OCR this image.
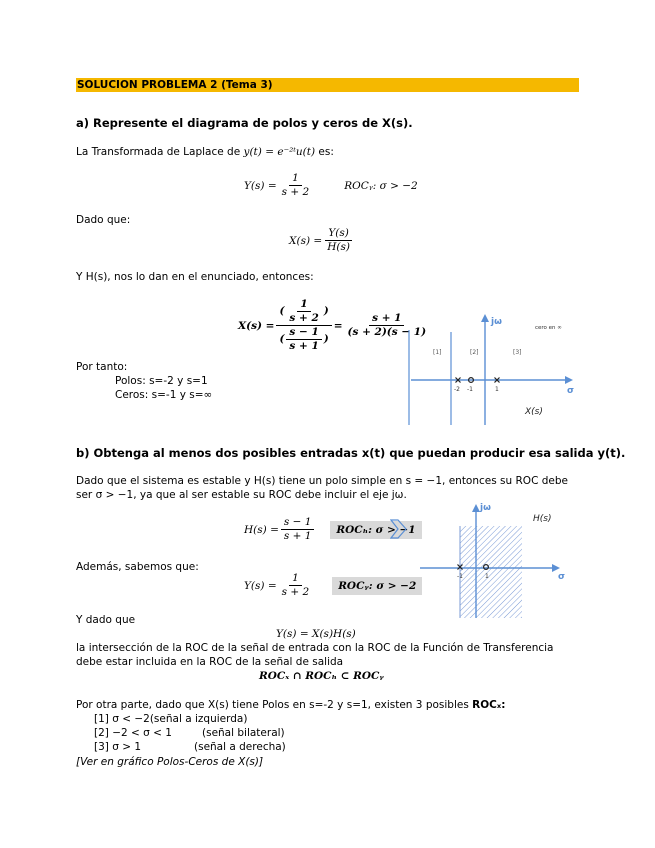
SOLUCION PROBLEMA 2 (Tema 3)
a) Represente el diagrama de polos y ceros de X(s).
La Transformada de Laplace de y(t) = e⁻²ᵗu(t) es:
$Y(s) = \frac{1}{s + 2}$	ROCᵧ: σ > −2
Dado que:
$X(s) = \frac{Y(s)}{H(s)}$
Y H(s), nos lo dan en el enunciado, entonces:
$X(s) = \frac{( \frac{1}{s + 2} )}{( \frac{s - 1}{s + 1} )} = \frac{s + 1}{(s + 2)(s - 1)}$
Por tanto:
Polos: s=-2 y s=1
Ceros: s=-1 y s=∞
jω
σ
cero en ∞
[1]	[2]	[3]
-2 -1	1
X(s)
b) Obtenga al menos dos posibles entradas x(t) que puedan producir esa salida y(t).
Dado que el sistema es estable y H(s) tiene un polo simple en s = −1, entonces su ROC debe
ser σ > −1, ya que al ser estable su ROC debe incluir el eje jω.
$H(s) = \frac{s - 1}{s + 1}$	ROCₕ: σ > −1
Además, sabemos que:
$Y(s) = \frac{1}{s + 2}$	ROCᵧ: σ > −2
jω
σ
H(s)
-1	1
Y dado que
Y(s) = X(s)H(s)
la intersección de la ROC de la señal de entrada con la ROC de la Función de Transferencia
debe estar incluida en la ROC de la señal de salida
ROCₓ ∩ ROCₕ ⊂ ROCᵧ
Por otra parte, dado que X(s) tiene Polos en s=-2 y s=1, existen 3 posibles ROCₓ:
[1] σ < −2(señal a izquierda)
[2] −2 < σ < 1	(señal bilateral)
[3] σ > 1	(señal a derecha)
[Ver en gráfico Polos-Ceros de X(s)]
